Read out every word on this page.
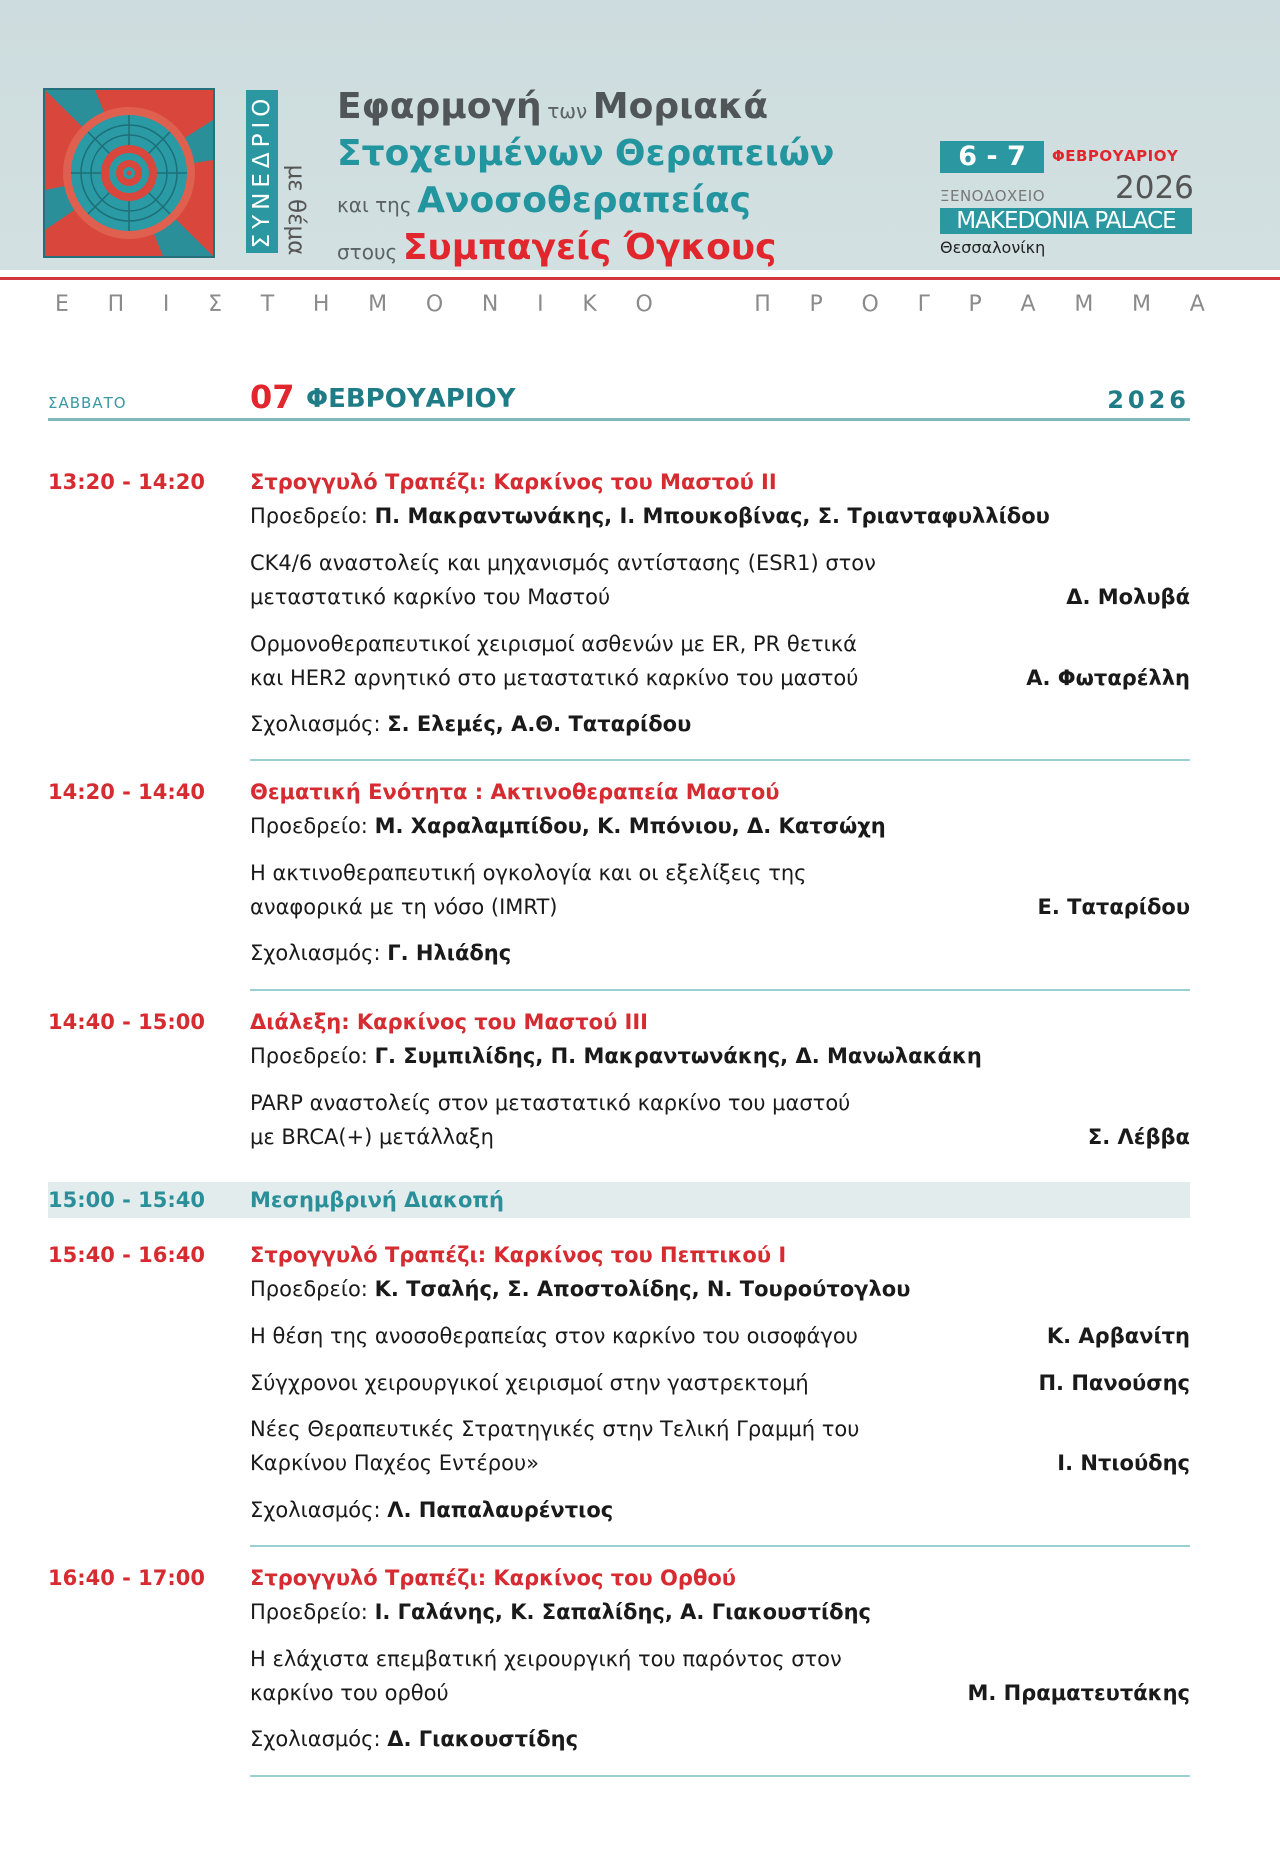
ΣΥΝΕΔΡΙΟ με θέμα
Εφαρμογή των Μοριακά
Στοχευμένων Θεραπειών
και της Ανοσοθεραπείας
στους Συμπαγείς Όγκους
6 - 7	ΦΕΒΡΟΥΑΡΙΟΥ
2026
ΞΕΝΟΔΟΧΕΙΟ
MAKEDONIA PALACE
Θεσσαλονίκη
Ε Π Ι Σ Τ Η Μ Ο Ν Ι Κ Ο	Π Ρ Ο Γ Ρ Α Μ Μ Α
ΣΑΒΒΑΤΟ	07 ΦΕΒΡΟΥΑΡΙΟΥ	2026
13:20 - 14:20 Στρογγυλό Τραπέζι: Καρκίνος του Μαστού ΙΙ
Προεδρείο: Π. Μακραντωνάκης, Ι. Μπουκοβίνας, Σ. Τριανταφυλλίδου
CK4/6 αναστολείς και μηχανισμός αντίστασης (ESR1) στον
μεταστατικό καρκίνο του Μαστού	Δ. Μολυβά
Ορμονοθεραπευτικοί χειρισμοί ασθενών με ER, PR θετικά
και HER2 αρνητικό στο μεταστατικό καρκίνο του μαστού	Α. Φωταρέλλη
Σχολιασμός: Σ. Ελεμές, Α.Θ. Ταταρίδου
14:20 - 14:40 Θεματική Ενότητα : Ακτινοθεραπεία Μαστού
Προεδρείο: Μ. Χαραλαμπίδου, Κ. Μπόνιου, Δ. Κατσώχη
Η ακτινοθεραπευτική ογκολογία και οι εξελίξεις της
αναφορικά με τη νόσο (IMRT)	Ε. Ταταρίδου
Σχολιασμός: Γ. Ηλιάδης
14:40 - 15:00 Διάλεξη: Καρκίνος του Μαστού ΙΙΙ
Προεδρείο: Γ. Συμπιλίδης, Π. Μακραντωνάκης, Δ. Μανωλακάκη
PARP αναστολείς στον μεταστατικό καρκίνο του μαστού
με BRCA(+) μετάλλαξη	Σ. Λέββα
15:00 - 15:40 Μεσημβρινή Διακοπή
15:40 - 16:40 Στρογγυλό Τραπέζι: Καρκίνος του Πεπτικού Ι
Προεδρείο: Κ. Τσαλής, Σ. Αποστολίδης, Ν. Τουρούτογλου
Η θέση της ανοσοθεραπείας στον καρκίνο του οισοφάγου	Κ. Αρβανίτη
Σύγχρονοι χειρουργικοί χειρισμοί στην γαστρεκτομή	Π. Πανούσης
Νέες Θεραπευτικές Στρατηγικές στην Τελική Γραμμή του
Καρκίνου Παχέος Εντέρου»	Ι. Ντιούδης
Σχολιασμός: Λ. Παπαλαυρέντιος
16:40 - 17:00 Στρογγυλό Τραπέζι: Καρκίνος του Ορθού
Προεδρείο: Ι. Γαλάνης, Κ. Σαπαλίδης, Α. Γιακουστίδης
Η ελάχιστα επεμβατική χειρουργική του παρόντος στον
καρκίνο του ορθού	Μ. Πραματευτάκης
Σχολιασμός: Δ. Γιακουστίδης
